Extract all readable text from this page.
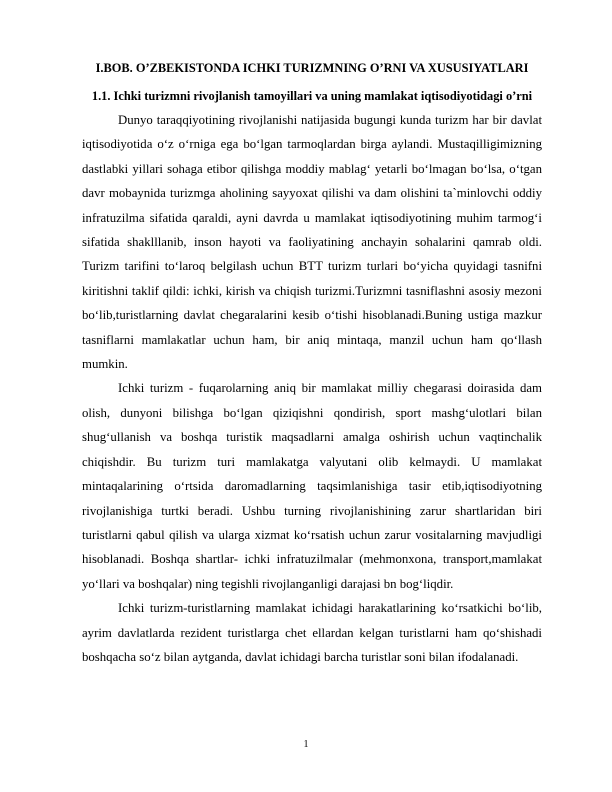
I.BOB. O’ZBEKISTONDA ICHKI TURIZMNING O’RNI VA XUSUSIYATLARI
1.1. Ichki turizmni rivojlanish tamoyillari va uning mamlakat iqtisodiyotidagi o’rni

Dunyo taraqqiyotining rivojlanishi natijasida bugungi kunda turizm har bir davlat iqtisodiyotida o‘z o‘rniga ega bo‘lgan tarmoqlardan birga aylandi. Mustaqilligimizning dastlabki yillari sohaga etibor qilishga moddiy mablag‘ yetarli bo‘lmagan bo‘lsa, o‘tgan davr mobaynida turizmga aholining sayyoxat qilishi va dam olishini ta`minlovchi oddiy infratuzilma sifatida qaraldi, ayni davrda u mamlakat iqtisodiyotining muhim tarmog‘i sifatida shaklllanib, inson hayoti va faoliyatining anchayin sohalarini qamrab oldi. Turizm tarifini to‘laroq belgilash uchun BTT turizm turlari bo‘yicha quyidagi tasnifni kiritishni taklif qildi: ichki, kirish va chiqish turizmi.Turizmni tasniflashni asosiy mezoni bo‘lib,turistlarning davlat chegaralarini kesib o‘tishi hisoblanadi.Buning ustiga mazkur tasniflarni mamlakatlar uchun ham, bir aniq mintaqa, manzil uchun ham qo‘llash mumkin.

Ichki turizm - fuqarolarning aniq bir mamlakat milliy chegarasi doirasida dam olish, dunyoni bilishga bo‘lgan qiziqishni qondirish, sport mashg‘ulotlari bilan shug‘ullanish va boshqa turistik maqsadlarni amalga oshirish uchun vaqtinchalik chiqishdir. Bu turizm turi mamlakatga valyutani olib kelmaydi. U mamlakat mintaqalarining o‘rtsida daromadlarning taqsimlanishiga tasir etib,iqtisodiyotning rivojlanishiga turtki beradi. Ushbu turning rivojlanishining zarur shartlaridan biri turistlarni qabul qilish va ularga xizmat ko‘rsatish uchun zarur vositalarning mavjudligi hisoblanadi. Boshqa shartlar- ichki infratuzilmalar (mehmonxona, transport,mamlakat yo‘llari va boshqalar) ning tegishli rivojlanganligi darajasi bn bog‘liqdir.

Ichki turizm-turistlarning mamlakat ichidagi harakatlarining ko‘rsatkichi bo‘lib, ayrim davlatlarda rezident turistlarga chet ellardan kelgan turistlarni ham qo‘shishadi boshqacha so‘z bilan aytganda, davlat ichidagi barcha turistlar soni bilan ifodalanadi.

1
